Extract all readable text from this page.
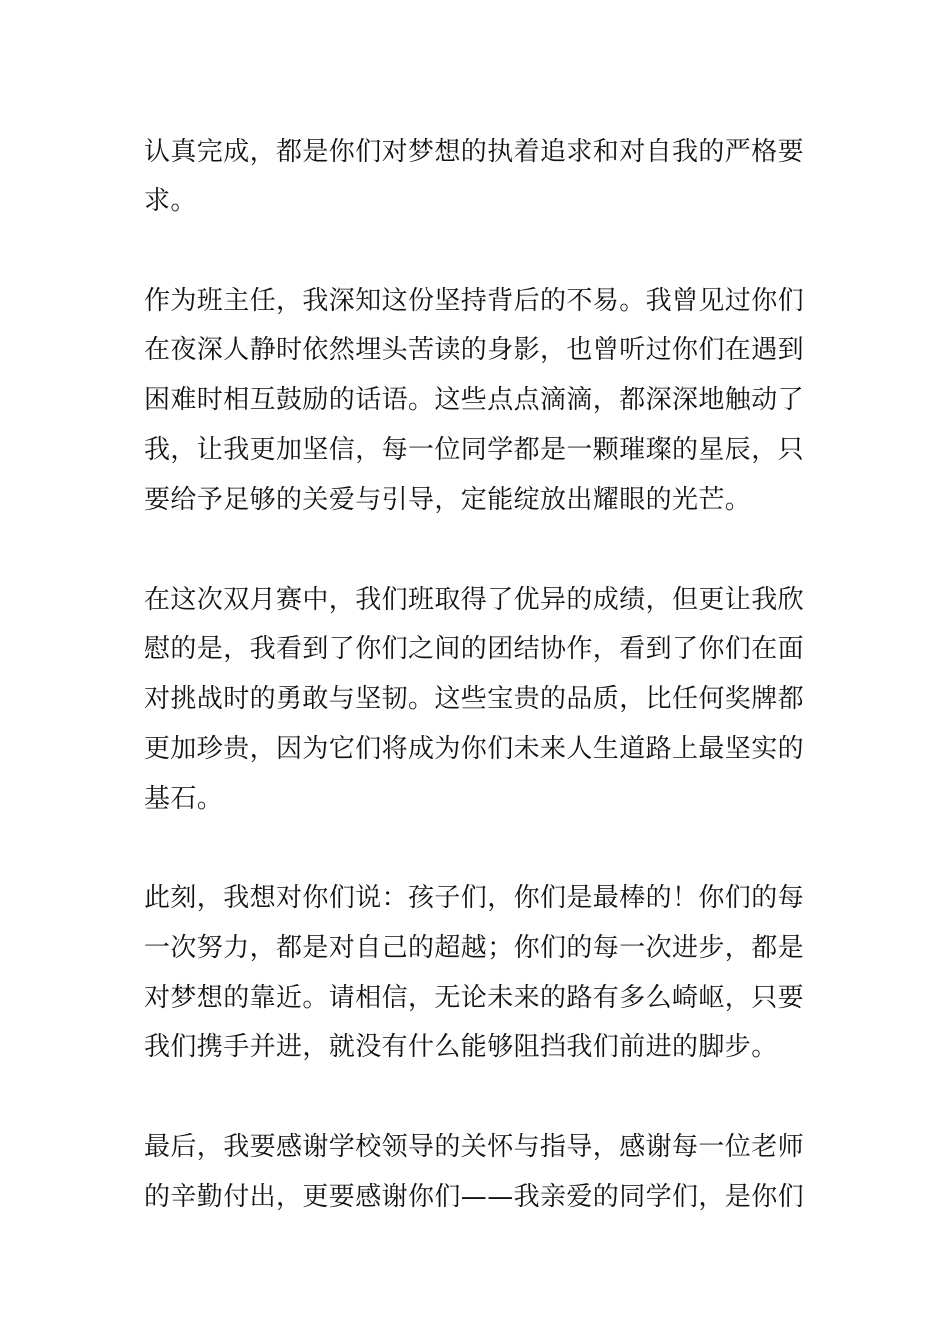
认真完成，都是你们对梦想的执着追求和对自我的严格要
求。
作为班主任，我深知这份坚持背后的不易。我曾见过你们
在夜深人静时依然埋头苦读的身影，也曾听过你们在遇到
困难时相互鼓励的话语。这些点点滴滴，都深深地触动了
我，让我更加坚信，每一位同学都是一颗璀璨的星辰，只
要给予足够的关爱与引导，定能绽放出耀眼的光芒。
在这次双月赛中，我们班取得了优异的成绩，但更让我欣
慰的是，我看到了你们之间的团结协作，看到了你们在面
对挑战时的勇敢与坚韧。这些宝贵的品质，比任何奖牌都
更加珍贵，因为它们将成为你们未来人生道路上最坚实的
基石。
此刻，我想对你们说：孩子们，你们是最棒的！你们的每
一次努力，都是对自己的超越；你们的每一次进步，都是
对梦想的靠近。请相信，无论未来的路有多么崎岖，只要
我们携手并进，就没有什么能够阻挡我们前进的脚步。
最后，我要感谢学校领导的关怀与指导，感谢每一位老师
的辛勤付出，更要感谢你们——我亲爱的同学们，是你们
